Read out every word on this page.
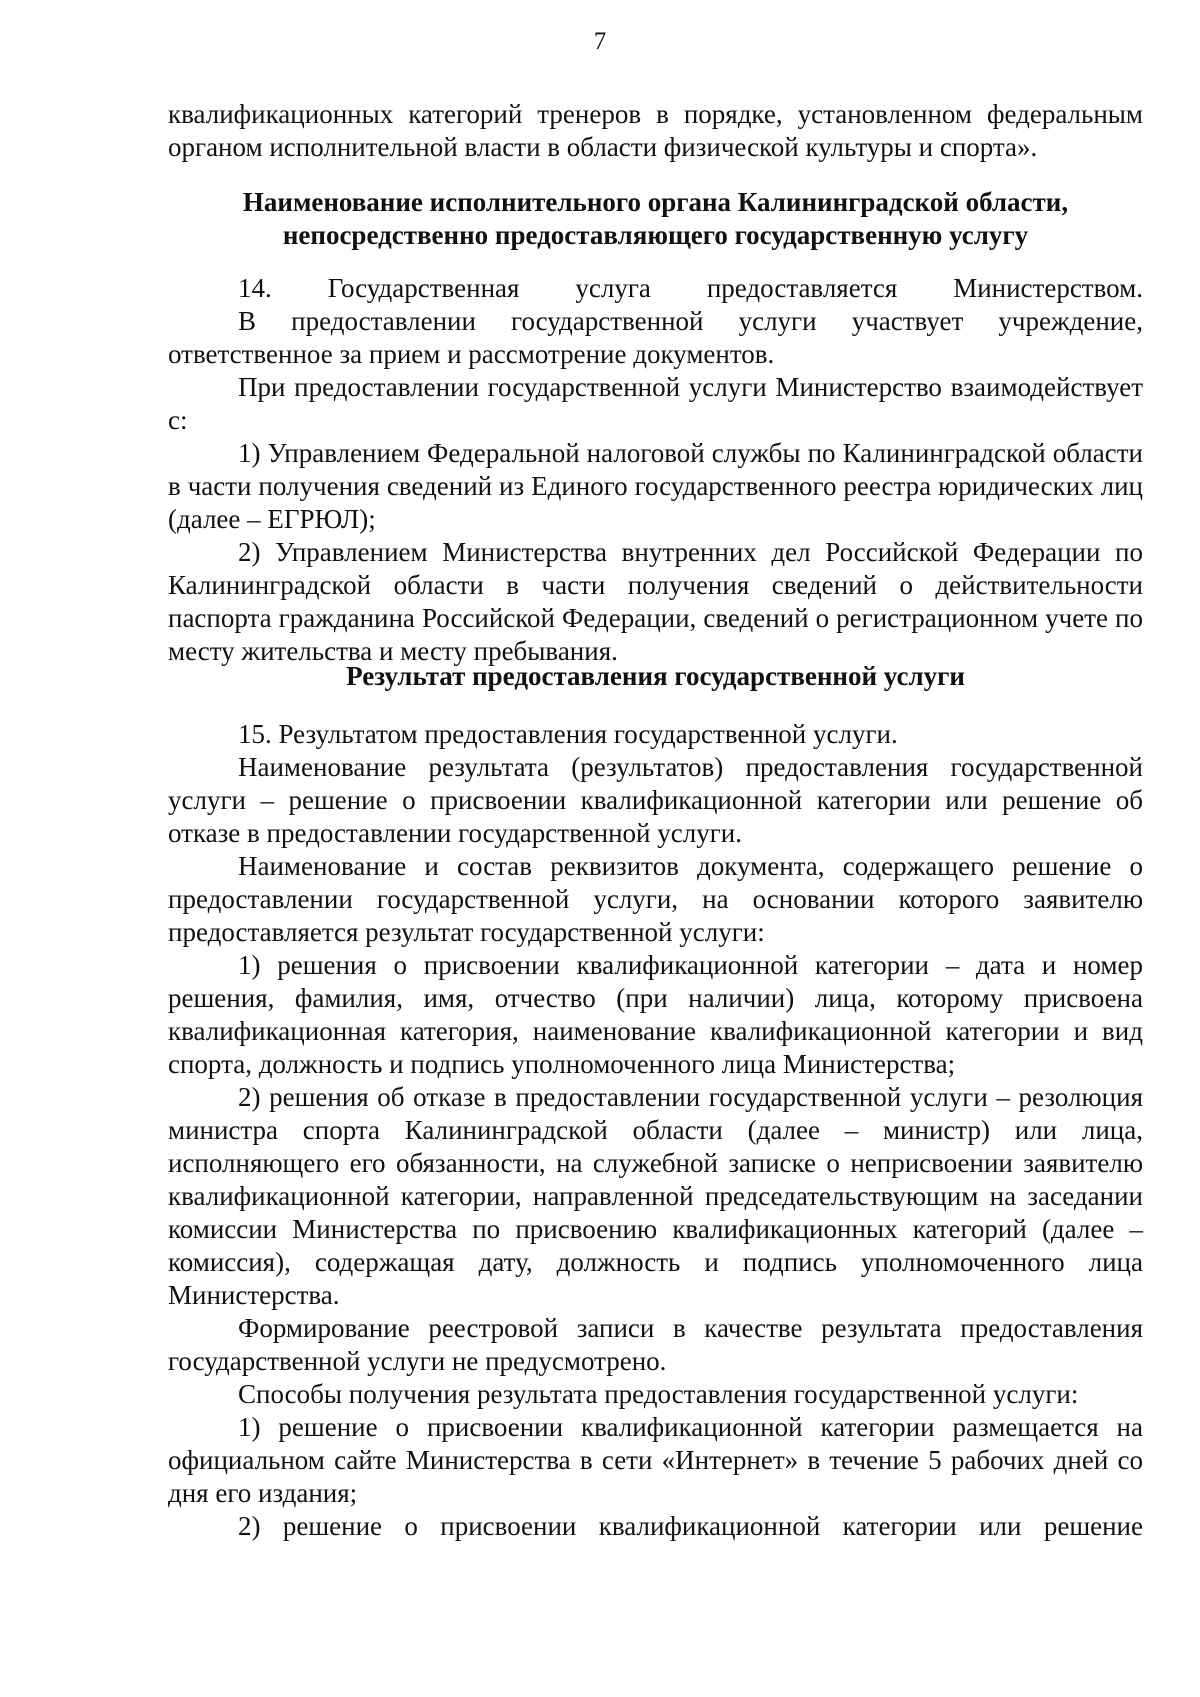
7

квалификационных категорий тренеров в порядке, установленном федеральным органом исполнительной власти в области физической культуры и спорта».

Наименование исполнительного органа Калининградской области,

непосредственно предоставляющего государственную услугу

14. Государственная услуга предоставляется Министерством.

В предоставлении государственной услуги участвует учреждение, ответственное за прием и рассмотрение документов.

При предоставлении государственной услуги Министерство взаимодействует с:

1) Управлением Федеральной налоговой службы по Калининградской области в части получения сведений из Единого государственного реестра юридических лиц (далее – ЕГРЮЛ);

2) Управлением Министерства внутренних дел Российской Федерации по Калининградской области в части получения сведений о действительности паспорта гражданина Российской Федерации, сведений о регистрационном учете по месту жительства и месту пребывания.

Результат предоставления государственной услуги

15. Результатом предоставления государственной услуги.

Наименование результата (результатов) предоставления государственной услуги – решение о присвоении квалификационной категории или решение об отказе в предоставлении государственной услуги.

Наименование и состав реквизитов документа, содержащего решение о предоставлении государственной услуги, на основании которого заявителю предоставляется результат государственной услуги:

1) решения о присвоении квалификационной категории – дата и номер решения, фамилия, имя, отчество (при наличии) лица, которому присвоена квалификационная категория, наименование квалификационной категории и вид спорта, должность и подпись уполномоченного лица Министерства;

2) решения об отказе в предоставлении государственной услуги – резолюция министра спорта Калининградской области (далее – министр) или лица, исполняющего его обязанности, на служебной записке о неприсвоении заявителю квалификационной категории, направленной председательствующим на заседании комиссии Министерства по присвоению квалификационных категорий (далее – комиссия), содержащая дату, должность и подпись уполномоченного лица Министерства.

Формирование реестровой записи в качестве результата предоставления государственной услуги не предусмотрено.

Способы получения результата предоставления государственной услуги:

1) решение о присвоении квалификационной категории размещается на официальном сайте Министерства в сети «Интернет» в течение 5 рабочих дней со дня его издания;

2) решение о присвоении квалификационной категории или решение
